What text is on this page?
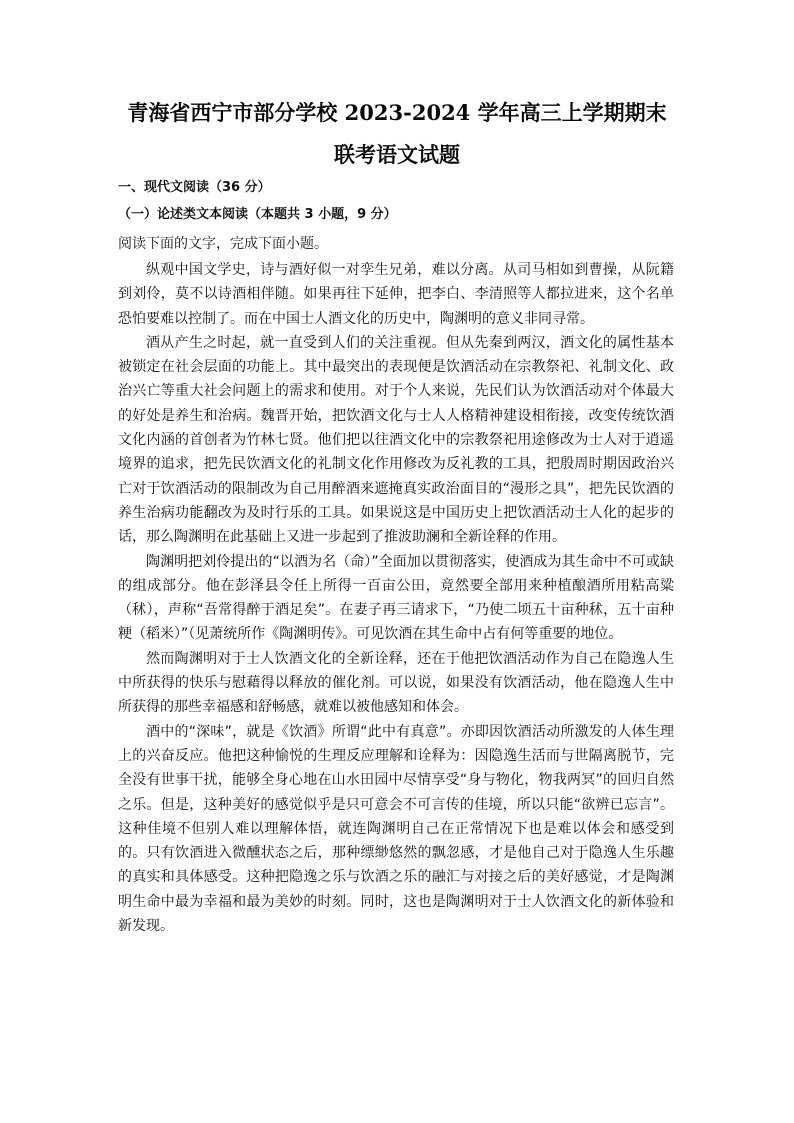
青海省西宁市部分学校 2023-2024 学年高三上学期期末
联考语文试题
一、现代文阅读（36 分）
（一）论述类文本阅读（本题共 3 小题，9 分）
阅读下面的文字，完成下面小题。

纵观中国文学史，诗与酒好似一对孪生兄弟，难以分离。从司马相如到曹操，从阮籍到刘伶，莫不以诗酒相伴随。如果再往下延伸，把李白、李清照等人都拉进来，这个名单恐怕要难以控制了。而在中国士人酒文化的历史中，陶渊明的意义非同寻常。

酒从产生之时起，就一直受到人们的关注重视。但从先秦到两汉，酒文化的属性基本被锁定在社会层面的功能上。其中最突出的表现便是饮酒活动在宗教祭祀、礼制文化、政治兴亡等重大社会问题上的需求和使用。对于个人来说，先民们认为饮酒活动对个体最大的好处是养生和治病。魏晋开始，把饮酒文化与士人人格精神建设相衔接，改变传统饮酒文化内涵的首创者为竹林七贤。他们把以往酒文化中的宗教祭祀用途修改为士人对于逍遥境界的追求，把先民饮酒文化的礼制文化作用修改为反礼教的工具，把殷周时期因政治兴亡对于饮酒活动的限制改为自己用醉酒来遮掩真实政治面目的“漫形之具”，把先民饮酒的养生治病功能翻改为及时行乐的工具。如果说这是中国历史上把饮酒活动士人化的起步的话，那么陶渊明在此基础上又进一步起到了推波助澜和全新诠释的作用。

陶渊明把刘伶提出的“以酒为名（命）”全面加以贯彻落实，使酒成为其生命中不可或缺的组成部分。他在彭泽县令任上所得一百亩公田，竟然要全部用来种植酿酒所用粘高粱（秫），声称“吾常得醉于酒足矣”。在妻子再三请求下，“乃使二顷五十亩种秫，五十亩种粳（稻米）”（见萧统所作《陶渊明传》。可见饮酒在其生命中占有何等重要的地位。

然而陶渊明对于士人饮酒文化的全新诠释，还在于他把饮酒活动作为自己在隐逸人生中所获得的快乐与慰藉得以释放的催化剂。可以说，如果没有饮酒活动，他在隐逸人生中所获得的那些幸福感和舒畅感，就难以被他感知和体会。

酒中的“深味”，就是《饮酒》所谓“此中有真意”。亦即因饮酒活动所激发的人体生理上的兴奋反应。他把这种愉悦的生理反应理解和诠释为：因隐逸生活而与世隔离脱节，完全没有世事干扰，能够全身心地在山水田园中尽情享受“身与物化，物我两冥”的回归自然之乐。但是，这种美好的感觉似乎是只可意会不可言传的佳境，所以只能“欲辨已忘言”。这种佳境不但别人难以理解体悟，就连陶渊明自己在正常情况下也是难以体会和感受到的。只有饮酒进入微醺状态之后，那种缥缈悠然的飘忽感，才是他自己对于隐逸人生乐趣的真实和具体感受。这种把隐逸之乐与饮酒之乐的融汇与对接之后的美好感觉，才是陶渊明生命中最为幸福和最为美妙的时刻。同时，这也是陶渊明对于士人饮酒文化的新体验和新发现。
